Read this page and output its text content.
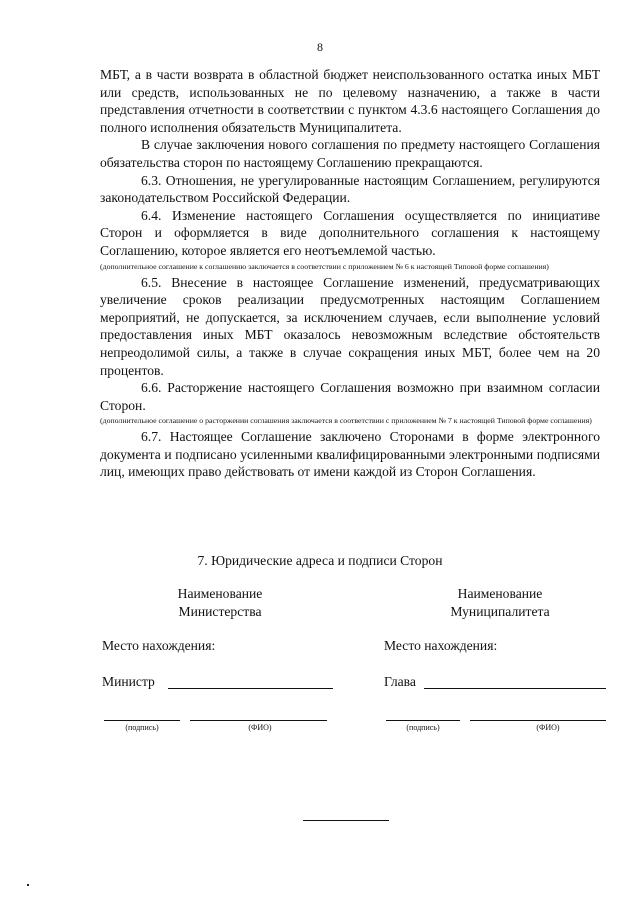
8

МБТ, а в части возврата в областной бюджет неиспользованного остатка иных МБТ или средств, использованных не по целевому назначению, а также в части представления отчетности в соответствии с пунктом 4.3.6 настоящего Соглашения до полного исполнения обязательств Муниципалитета.

В случае заключения нового соглашения по предмету настоящего Соглашения обязательства сторон по настоящему Соглашению прекращаются.

6.3. Отношения, не урегулированные настоящим Соглашением, регулируются законодательством Российской Федерации.

6.4. Изменение настоящего Соглашения осуществляется по инициативе Сторон и оформляется в виде дополнительного соглашения к настоящему Соглашению, которое является его неотъемлемой частью.

(дополнительное соглашение к соглашению заключается в соответствии с приложением № 6 к настоящей Типовой форме соглашения)

6.5. Внесение в настоящее Соглашение изменений, предусматривающих увеличение сроков реализации предусмотренных настоящим Соглашением мероприятий, не допускается, за исключением случаев, если выполнение условий предоставления иных МБТ оказалось невозможным вследствие обстоятельств непреодолимой силы, а также в случае сокращения иных МБТ, более чем на 20 процентов.

6.6. Расторжение настоящего Соглашения возможно при взаимном согласии Сторон.

(дополнительное соглашение о расторжении соглашения заключается в соответствии с приложением № 7 к настоящей Типовой форме соглашения)

6.7. Настоящее Соглашение заключено Сторонами в форме электронного документа и подписано усиленными квалифицированными электронными подписями лиц, имеющих право действовать от имени каждой из Сторон Соглашения.

7. Юридические адреса и подписи Сторон
Наименование
Министерства
Место нахождения:
Министр
(подпись)	(ФИО)
Наименование
Муниципалитета
Место нахождения:
Глава
(подпись)	(ФИО)
